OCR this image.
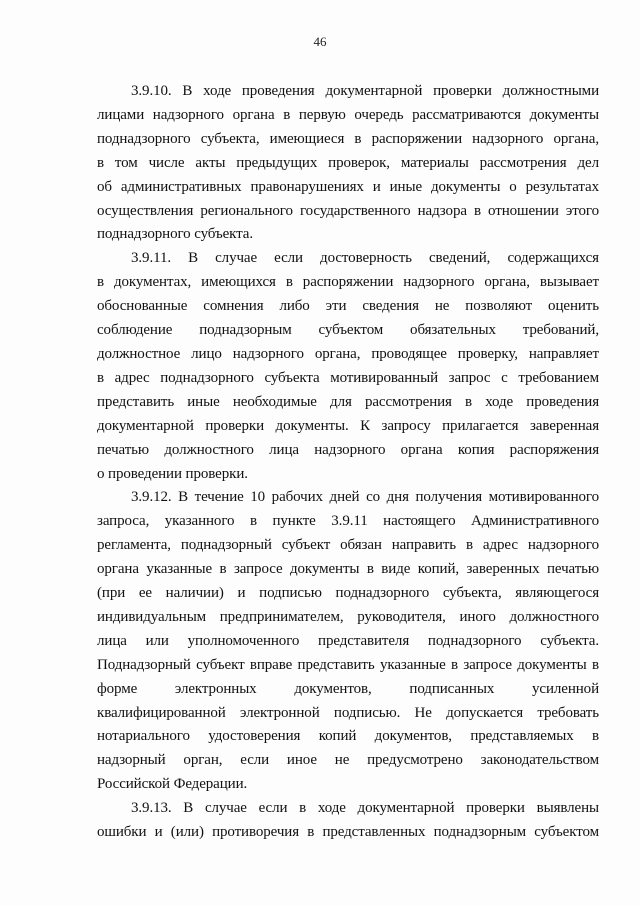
46

3.9.10. В ходе проведения документарной проверки должностными
лицами надзорного органа в первую очередь рассматриваются документы
поднадзорного субъекта, имеющиеся в распоряжении надзорного органа,
в том числе акты предыдущих проверок, материалы рассмотрения дел
об административных правонарушениях и иные документы о результатах
осуществления регионального государственного надзора в отношении этого
поднадзорного субъекта.

3.9.11. В случае если достоверность сведений, содержащихся
в документах, имеющихся в распоряжении надзорного органа, вызывает
обоснованные сомнения либо эти сведения не позволяют оценить
соблюдение поднадзорным субъектом обязательных требований,
должностное лицо надзорного органа, проводящее проверку, направляет
в адрес поднадзорного субъекта мотивированный запрос с требованием
представить иные необходимые для рассмотрения в ходе проведения
документарной проверки документы. К запросу прилагается заверенная
печатью должностного лица надзорного органа копия распоряжения
о проведении проверки.

3.9.12. В течение 10 рабочих дней со дня получения мотивированного
запроса, указанного в пункте 3.9.11 настоящего Административного
регламента, поднадзорный субъект обязан направить в адрес надзорного
органа указанные в запросе документы в виде копий, заверенных печатью
(при ее наличии) и подписью поднадзорного субъекта, являющегося
индивидуальным предпринимателем, руководителя, иного должностного
лица или уполномоченного представителя поднадзорного субъекта.
Поднадзорный субъект вправе представить указанные в запросе документы в
форме электронных документов, подписанных усиленной
квалифицированной электронной подписью. Не допускается требовать
нотариального удостоверения копий документов, представляемых в
надзорный орган, если иное не предусмотрено законодательством
Российской Федерации.

3.9.13. В случае если в ходе документарной проверки выявлены
ошибки и (или) противоречия в представленных поднадзорным субъектом
